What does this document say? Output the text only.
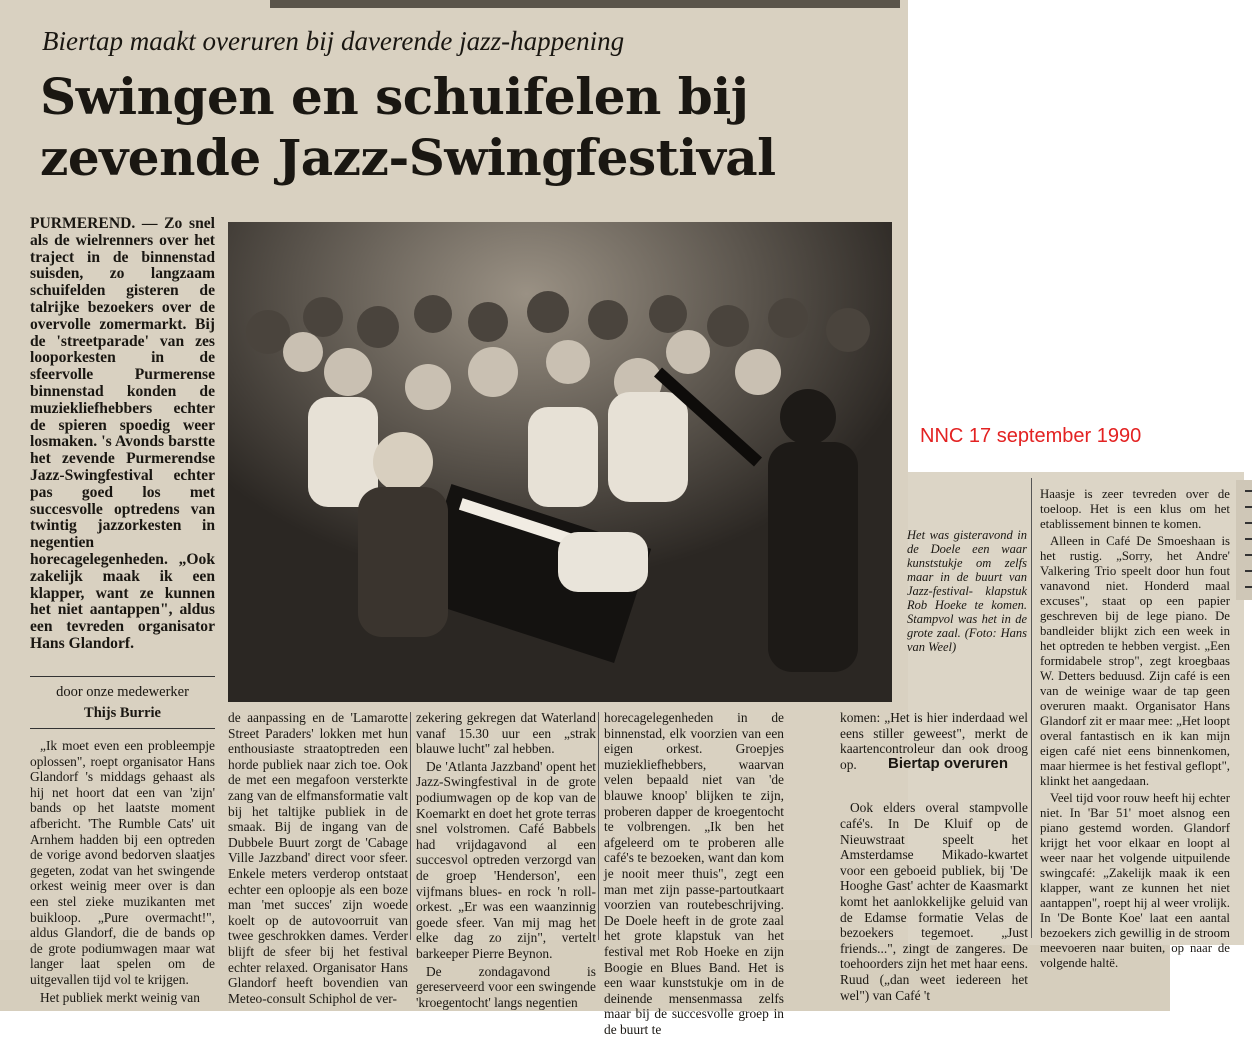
Biertap maakt overuren bij daverende jazz-happening
Swingen en schuifelen bij
zevende Jazz-Swingfestival

PURMEREND. — Zo snel als de wielrenners over het traject in de binnenstad suisden, zo langzaam schuifelden gisteren de talrijke bezoekers over de overvolle zomermarkt. Bij de 'streetparade' van zes looporkesten in de sfeervolle Purmerense binnenstad konden de muziekliefhebbers echter de spieren spoedig weer losmaken. 's Avonds barstte het zevende Purmerendse Jazz-Swingfestival echter pas goed los met succesvolle optredens van twintig jazzorkesten in negentien horecagelegenheden. „Ook zakelijk maak ik een klapper, want ze kunnen het niet aantappen", aldus een tevreden organisator Hans Glandorf.

door onze medewerker
Thijs Burrie

„Ik moet even een probleempje oplossen", roept organisator Hans Glandorf 's middags gehaast als hij net hoort dat een van 'zijn' bands op het laatste moment afbericht. 'The Rumble Cats' uit Arnhem hadden bij een optreden de vorige avond bedorven slaatjes gegeten, zodat van het swingende orkest weinig meer over is dan een stel zieke muzikanten met buikloop. „Pure overmacht!", aldus Glandorf, die de bands op de grote podiumwagen maar wat langer laat spelen om de uitgevallen tijd vol te krijgen.

Het publiek merkt weinig van

de aanpassing en de 'Lamarotte Street Paraders' lokken met hun enthousiaste straatoptreden een horde publiek naar zich toe. Ook de met een megafoon versterkte zang van de elfmansformatie valt bij het taltijke publiek in de smaak. Bij de ingang van de Dubbele Buurt zorgt de 'Cabage Ville Jazzband' direct voor sfeer. Enkele meters verderop ontstaat echter een oploopje als een boze man 'met succes' zijn woede koelt op de autovoorruit van twee geschrokken dames. Verder blijft de sfeer bij het festival echter relaxed. Organisator Hans Glandorf heeft bovendien van Meteo-consult Schiphol de ver-

zekering gekregen dat Waterland vanaf 15.30 uur een „strak blauwe lucht" zal hebben.

De 'Atlanta Jazzband' opent het Jazz-Swingfestival in de grote podiumwagen op de kop van de Koemarkt en doet het grote terras snel volstromen. Café Babbels had vrijdagavond al een succesvol optreden verzorgd van de groep 'Henderson', een vijfmans blues- en rock 'n roll-orkest. „Er was een waanzinnig goede sfeer. Van mij mag het elke dag zo zijn", vertelt barkeeper Pierre Beynon.

De zondagavond is gereserveerd voor een swingende 'kroegentocht' langs negentien

horecagelegenheden in de binnenstad, elk voorzien van een eigen orkest. Groepjes muziekliefhebbers, waarvan velen bepaald niet van 'de blauwe knoop' blijken te zijn, proberen dapper de kroegentocht te volbrengen. „Ik ben het afgeleerd om te proberen alle café's te bezoeken, want dan kom je nooit meer thuis", zegt een man met zijn passe-partoutkaart voorzien van routebeschrijving. De Doele heeft in de grote zaal het grote klapstuk van het festival met Rob Hoeke en zijn Boogie en Blues Band. Het is een waar kunststukje om in de deinende mensenmassa zelfs maar bij de succesvolle groep in de buurt te

komen: „Het is hier inderdaad wel eens stiller geweest", merkt de kaartencontroleur dan ook droog op.

Ook elders overal stampvolle café's. In De Kluif op de Nieuwstraat speelt het Amsterdamse Mikado-kwartet voor een geboeid publiek, bij 'De Hooghe Gast' achter de Kaasmarkt komt het aanlokkelijke geluid van de Edamse formatie Velas de bezoekers tegemoet. „Just friends...", zingt de zangeres. De toehoorders zijn het met haar eens. Ruud („dan weet iedereen het wel") van Café 't

Biertap overuren
Het was gisteravond in de Doele een waar kunststukje om zelfs maar in de buurt van Jazz-festival- klapstuk Rob Hoeke te komen. Stampvol was het in de grote zaal. (Foto: Hans van Weel)

Haasje is zeer tevreden over de toeloop. Het is een klus om het etablissement binnen te komen.

Alleen in Café De Smoeshaan is het rustig. „Sorry, het Andre' Valkering Trio speelt door hun fout vanavond niet. Honderd maal excuses", staat op een papier geschreven bij de lege piano. De bandleider blijkt zich een week in het optreden te hebben vergist. „Een formidabele strop", zegt kroegbaas W. Detters beduusd. Zijn café is een van de weinige waar de tap geen overuren maakt. Organisator Hans Glandorf zit er maar mee: „Het loopt overal fantastisch en ik kan mijn eigen café niet eens binnenkomen, maar hiermee is het festival geflopt", klinkt het aangedaan.

Veel tijd voor rouw heeft hij echter niet. In 'Bar 51' moet alsnog een piano gestemd worden. Glandorf krijgt het voor elkaar en loopt al weer naar het volgende uitpuilende swingcafé: „Zakelijk maak ik een klapper, want ze kunnen het niet aantappen", roept hij al weer vrolijk. In 'De Bonte Koe' laat een aantal bezoekers zich gewillig in de stroom meevoeren naar buiten, op naar de volgende haltë.

NNC 17 september 1990
